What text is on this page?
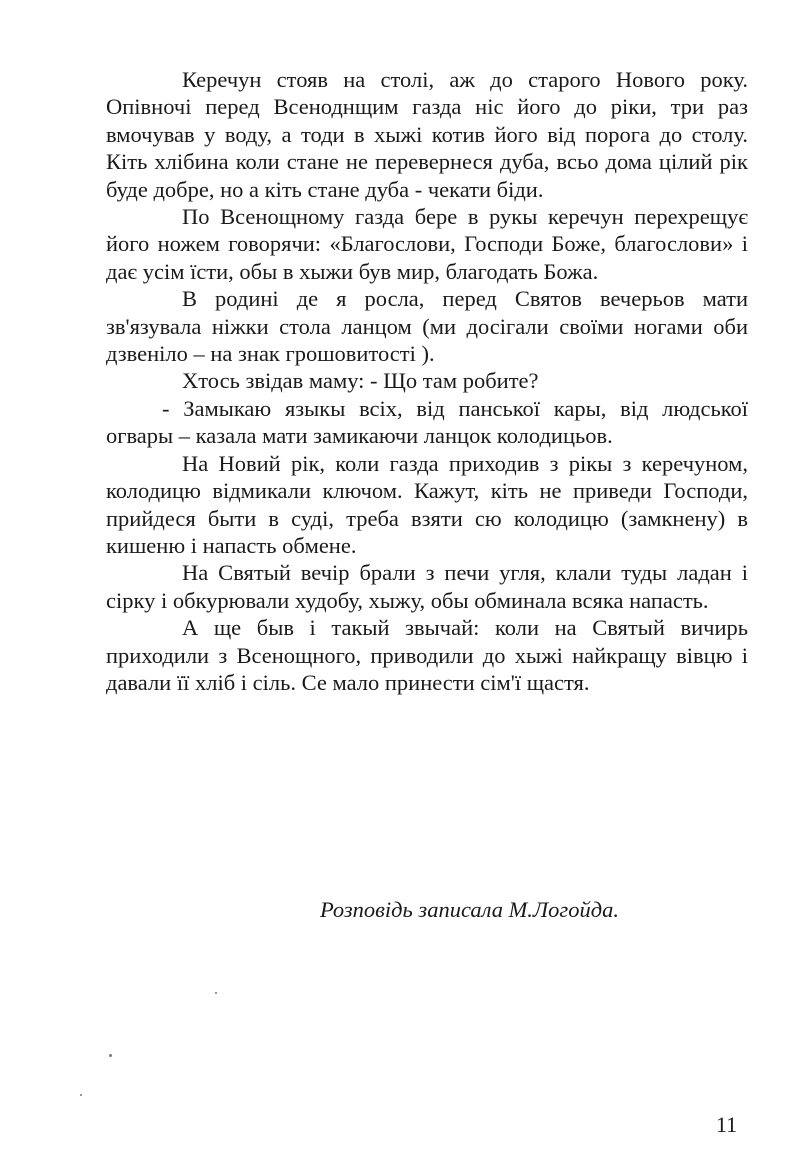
Керечун стояв на столі, аж до старого Нового року. Опівночі перед Всеноднщим газда ніс його до ріки, три раз вмочував у воду, а тоди в хыжі котив його від порога до столу. Кіть хлібина коли стане не перевернеся дуба, всьо дома цілий рік буде добре, но а кіть стане дуба - чекати біди.

По Всенощному газда бере в рукы керечун перехрещує його ножем говорячи: «Благослови, Господи Боже, благослови» і дає усім їсти, обы в хыжи був мир, благодать Божа.

В родині де я росла, перед Святов вечерьов мати зв'язувала ніжки стола ланцом (ми досігали своїми ногами оби дзвеніло – на знак грошовитості ).

Хтось звідав маму: - Що там робите?

- Замыкаю языкы всіх, від панської кары, від людської огвары – казала мати замикаючи ланцок колодицьов.

На Новий рік, коли газда приходив з рікы з керечуном, колодицю відмикали ключом. Кажут, кіть не приведи Господи, прийдеся быти в суді, треба взяти сю колодицю (замкнену) в кишеню і напасть обмене.

На Святый вечір брали з печи угля, клали туды ладан і сірку і обкурювали худобу, хыжу, обы обминала всяка напасть.

А ще быв і такый звычай: коли на Святый вичирь приходили з Всенощного, приводили до хыжі найкращу вівцю і давали її хліб і сіль. Се мало принести сім'ї щастя.

Розповідь записала М.Логойда.
11
